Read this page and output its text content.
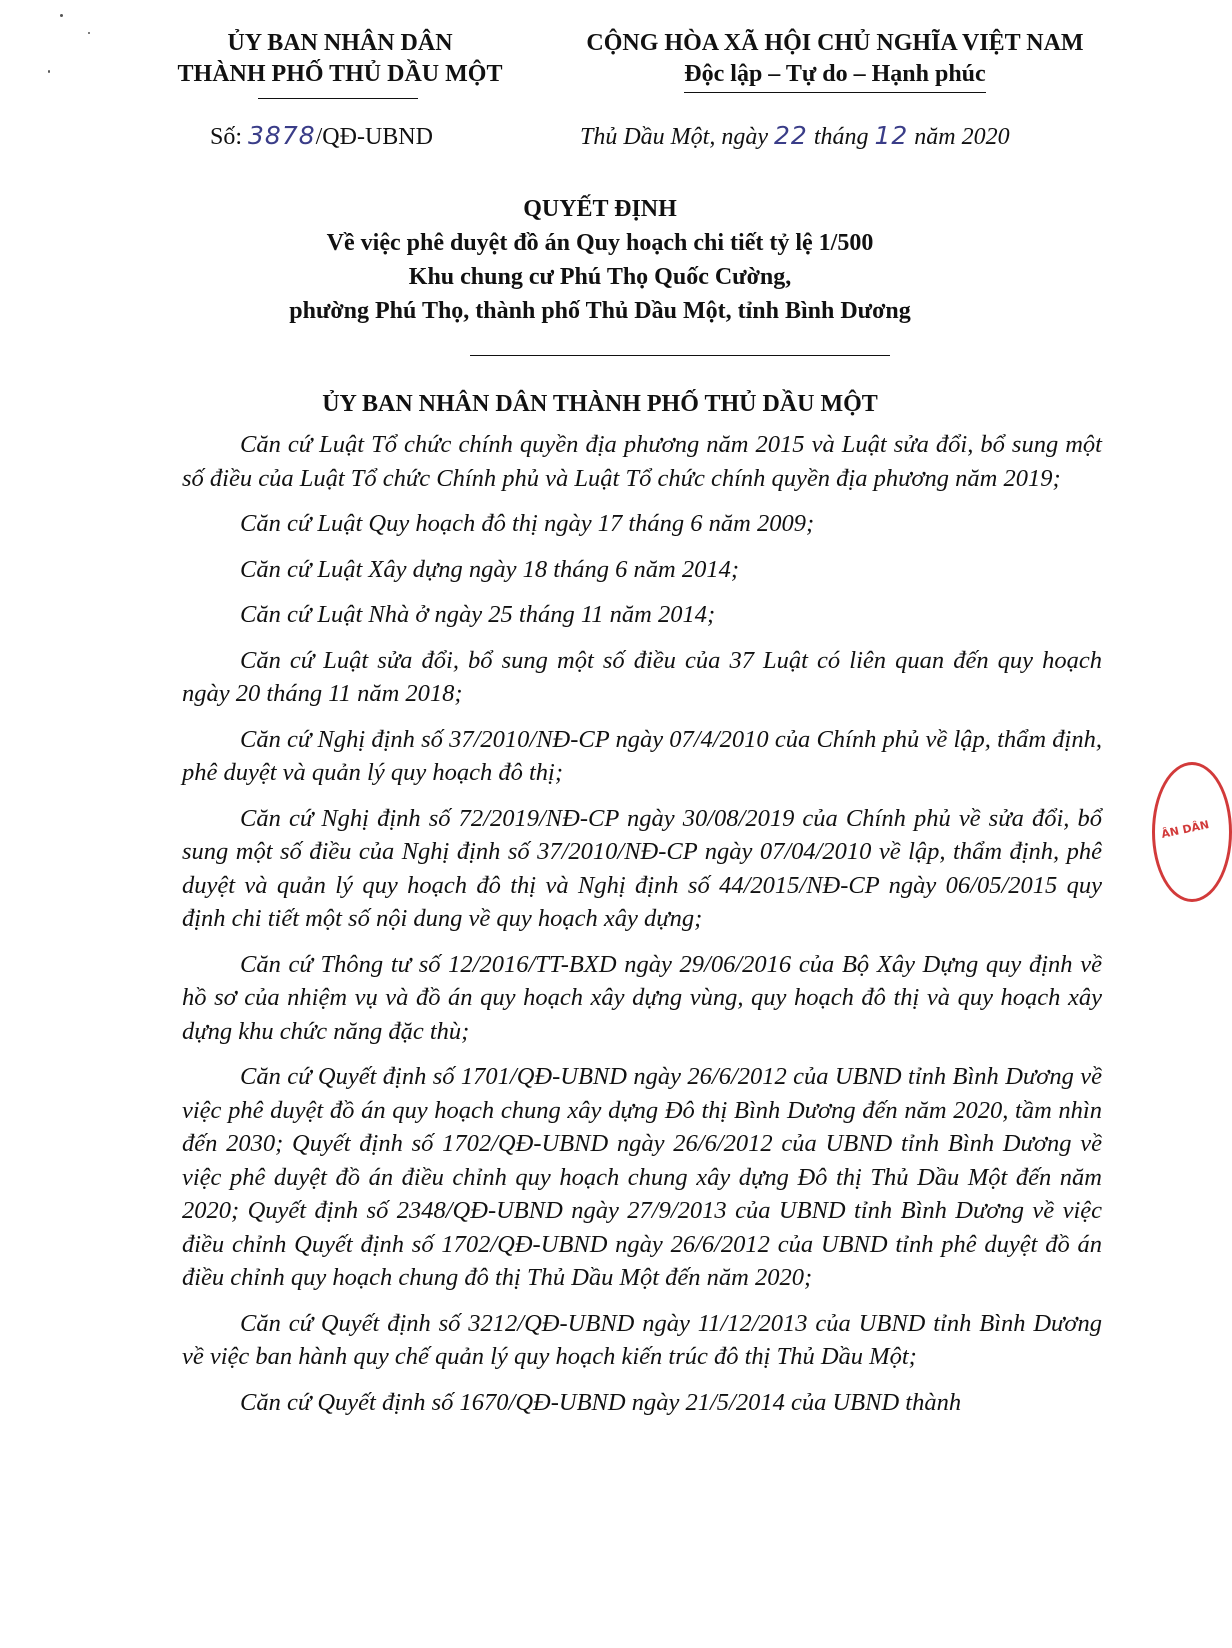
ỦY BAN NHÂN DÂN
THÀNH PHỐ THỦ DẦU MỘT
CỘNG HÒA XÃ HỘI CHỦ NGHĨA VIỆT NAM
Độc lập – Tự do – Hạnh phúc
Số: 3878/QĐ-UBND	Thủ Dầu Một, ngày 22 tháng 12 năm 2020
QUYẾT ĐỊNH
Về việc phê duyệt đồ án Quy hoạch chi tiết tỷ lệ 1/500
Khu chung cư Phú Thọ Quốc Cường,
phường Phú Thọ, thành phố Thủ Dầu Một, tỉnh Bình Dương
ỦY BAN NHÂN DÂN THÀNH PHỐ THỦ DẦU MỘT

Căn cứ Luật Tổ chức chính quyền địa phương năm 2015 và Luật sửa đổi, bổ sung một số điều của Luật Tổ chức Chính phủ và Luật Tổ chức chính quyền địa phương năm 2019;

Căn cứ Luật Quy hoạch đô thị ngày 17 tháng 6 năm 2009;

Căn cứ Luật Xây dựng ngày 18 tháng 6 năm 2014;

Căn cứ Luật Nhà ở ngày 25 tháng 11 năm 2014;

Căn cứ Luật sửa đổi, bổ sung một số điều của 37 Luật có liên quan đến quy hoạch ngày 20 tháng 11 năm 2018;

Căn cứ Nghị định số 37/2010/NĐ-CP ngày 07/4/2010 của Chính phủ về lập, thẩm định, phê duyệt và quản lý quy hoạch đô thị;

Căn cứ Nghị định số 72/2019/NĐ-CP ngày 30/08/2019 của Chính phủ về sửa đổi, bổ sung một số điều của Nghị định số 37/2010/NĐ-CP ngày 07/04/2010 về lập, thẩm định, phê duyệt và quản lý quy hoạch đô thị và Nghị định số 44/2015/NĐ-CP ngày 06/05/2015 quy định chi tiết một số nội dung về quy hoạch xây dựng;

Căn cứ Thông tư số 12/2016/TT-BXD ngày 29/06/2016 của Bộ Xây Dựng quy định về hồ sơ của nhiệm vụ và đồ án quy hoạch xây dựng vùng, quy hoạch đô thị và quy hoạch xây dựng khu chức năng đặc thù;

Căn cứ Quyết định số 1701/QĐ-UBND ngày 26/6/2012 của UBND tỉnh Bình Dương về việc phê duyệt đồ án quy hoạch chung xây dựng Đô thị Bình Dương đến năm 2020, tầm nhìn đến 2030; Quyết định số 1702/QĐ-UBND ngày 26/6/2012 của UBND tỉnh Bình Dương về việc phê duyệt đồ án điều chỉnh quy hoạch chung xây dựng Đô thị Thủ Dầu Một đến năm 2020; Quyết định số 2348/QĐ-UBND ngày 27/9/2013 của UBND tỉnh Bình Dương về việc điều chỉnh Quyết định số 1702/QĐ-UBND ngày 26/6/2012 của UBND tỉnh phê duyệt đồ án điều chỉnh quy hoạch chung đô thị Thủ Dầu Một đến năm 2020;

Căn cứ Quyết định số 3212/QĐ-UBND ngày 11/12/2013 của UBND tỉnh Bình Dương về việc ban hành quy chế quản lý quy hoạch kiến trúc đô thị Thủ Dầu Một;

Căn cứ Quyết định số 1670/QĐ-UBND ngày 21/5/2014 của UBND thành

ÂN DÂN
